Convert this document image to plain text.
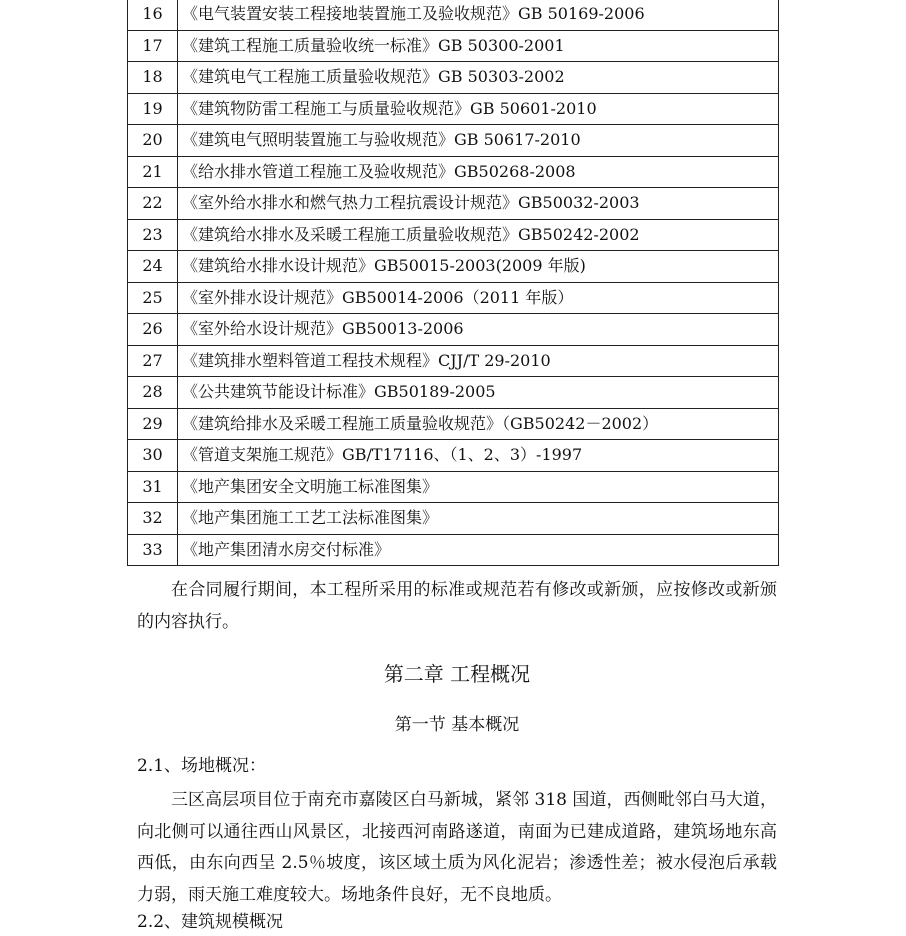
16	《电气装置安装工程接地装置施工及验收规范》GB 50169-2006
17	《建筑工程施工质量验收统一标准》GB 50300-2001
18	《建筑电气工程施工质量验收规范》GB 50303-2002
19	《建筑物防雷工程施工与质量验收规范》GB 50601-2010
20	《建筑电气照明装置施工与验收规范》GB 50617-2010
21	《给水排水管道工程施工及验收规范》GB50268-2008
22	《室外给水排水和燃气热力工程抗震设计规范》GB50032-2003
23	《建筑给水排水及采暖工程施工质量验收规范》GB50242-2002
24	《建筑给水排水设计规范》GB50015-2003(2009 年版)
25	《室外排水设计规范》GB50014-2006（2011 年版）
26	《室外给水设计规范》GB50013-2006
27	《建筑排水塑料管道工程技术规程》CJJ/T 29-2010
28	《公共建筑节能设计标准》GB50189-2005
29	《建筑给排水及采暖工程施工质量验收规范》（GB50242－2002）
30	《管道支架施工规范》GB/T17116、（1、2、3）-1997
31	《地产集团安全文明施工标准图集》
32	《地产集团施工工艺工法标准图集》
33	《地产集团清水房交付标准》

在合同履行期间，本工程所采用的标准或规范若有修改或新颁，应按修改或新颁的内容执行。

第二章 工程概况
第一节 基本概况

2.1、场地概况：

三区高层项目位于南充市嘉陵区白马新城，紧邻 318 国道，西侧毗邻白马大道，向北侧可以通往西山风景区，北接西河南路遂道，南面为已建成道路，建筑场地东高西低，由东向西呈 2.5％坡度，该区域土质为风化泥岩；渗透性差；被水侵泡后承载力弱，雨天施工难度较大。场地条件良好，无不良地质。

2.2、建筑规模概况
